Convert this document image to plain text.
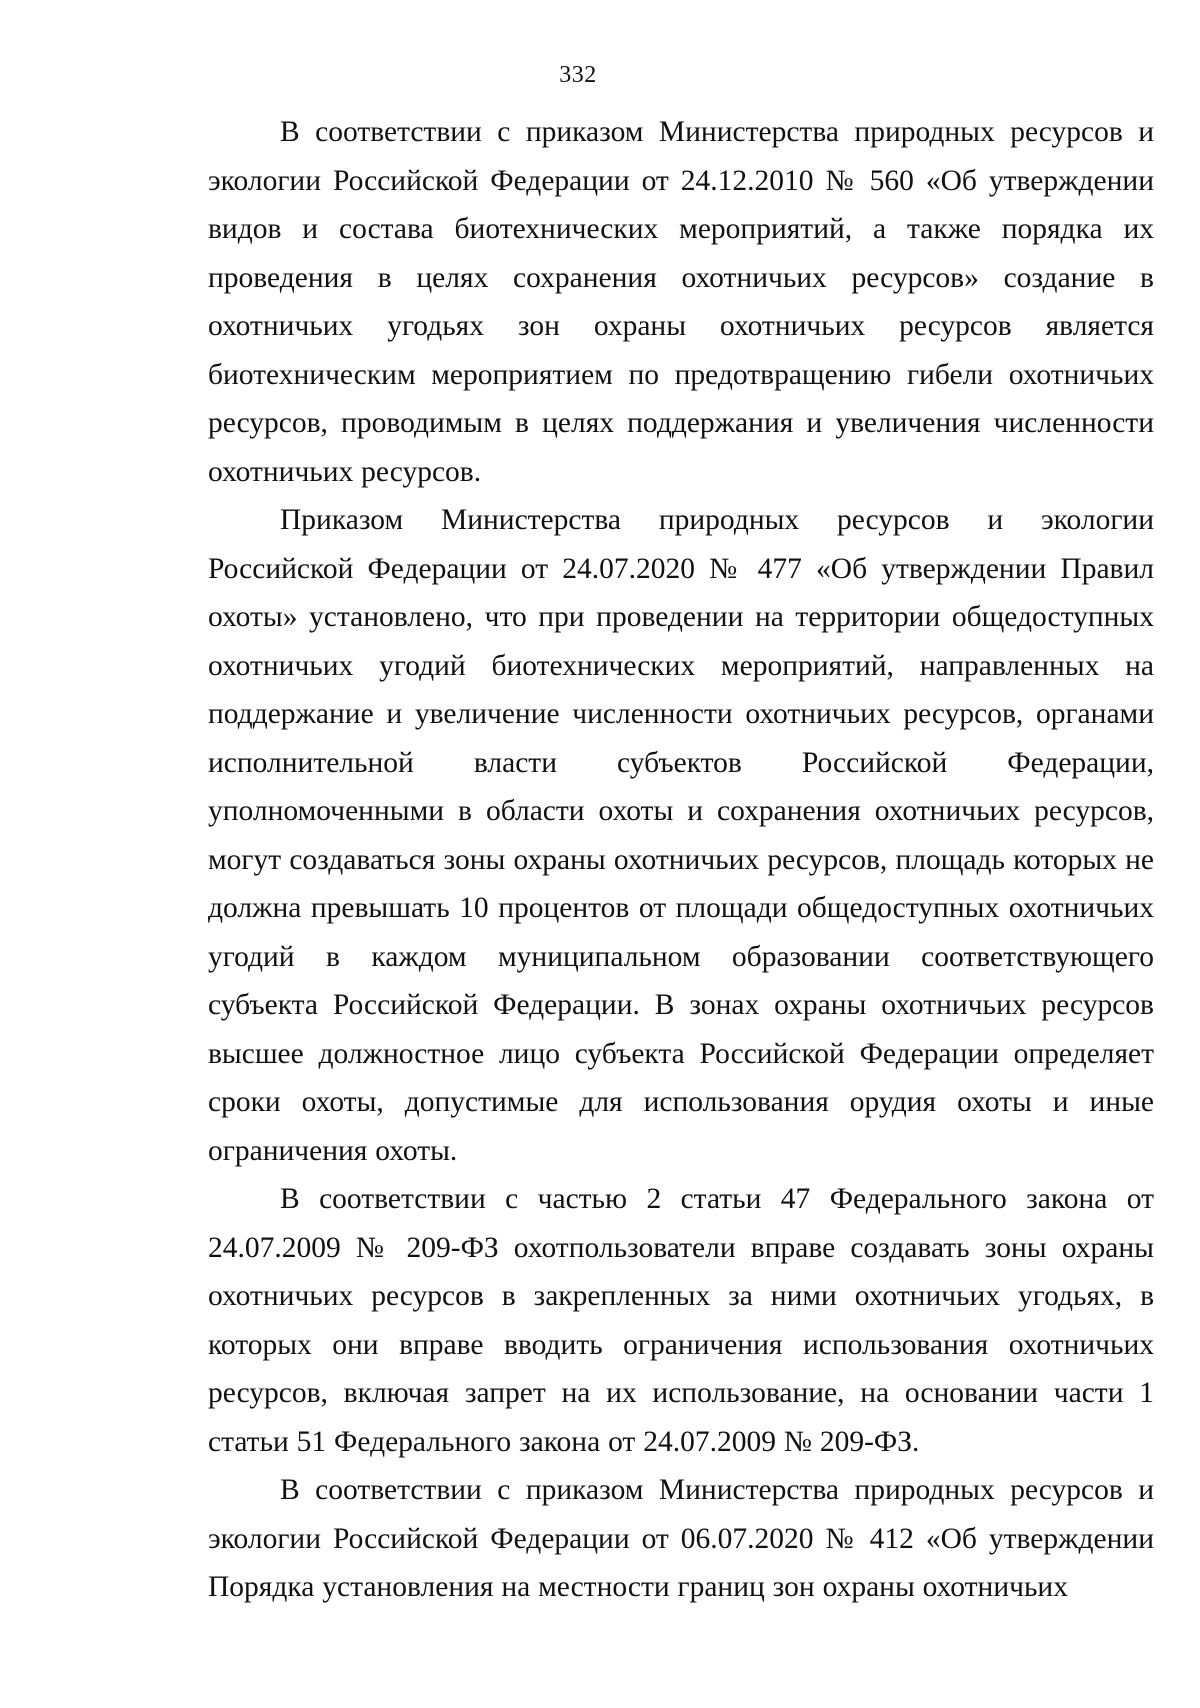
332

В соответствии с приказом Министерства природных ресурсов и экологии Российской Федерации от 24.12.2010 № 560 «Об утверждении видов и состава биотехнических мероприятий, а также порядка их проведения в целях сохранения охотничьих ресурсов» создание в охотничьих угодьях зон охраны охотничьих ресурсов является биотехническим мероприятием по предотвращению гибели охотничьих ресурсов, проводимым в целях поддержания и увеличения численности охотничьих ресурсов.

Приказом Министерства природных ресурсов и экологии Российской Федерации от 24.07.2020 № 477 «Об утверждении Правил охоты» установлено, что при проведении на территории общедоступных охотничьих угодий биотехнических мероприятий, направленных на поддержание и увеличение численности охотничьих ресурсов, органами исполнительной власти субъектов Российской Федерации, уполномоченными в области охоты и сохранения охотничьих ресурсов, могут создаваться зоны охраны охотничьих ресурсов, площадь которых не должна превышать 10 процентов от площади общедоступных охотничьих угодий в каждом муниципальном образовании соответствующего субъекта Российской Федерации. В зонах охраны охотничьих ресурсов высшее должностное лицо субъекта Российской Федерации определяет сроки охоты, допустимые для использования орудия охоты и иные ограничения охоты.

В соответствии с частью 2 статьи 47 Федерального закона от 24.07.2009 № 209-ФЗ охотпользователи вправе создавать зоны охраны охотничьих ресурсов в закрепленных за ними охотничьих угодьях, в которых они вправе вводить ограничения использования охотничьих ресурсов, включая запрет на их использование, на основании части 1 статьи 51 Федерального закона от 24.07.2009 № 209-ФЗ.

В соответствии с приказом Министерства природных ресурсов и экологии Российской Федерации от 06.07.2020 № 412 «Об утверждении Порядка установления на местности границ зон охраны охотничьих
